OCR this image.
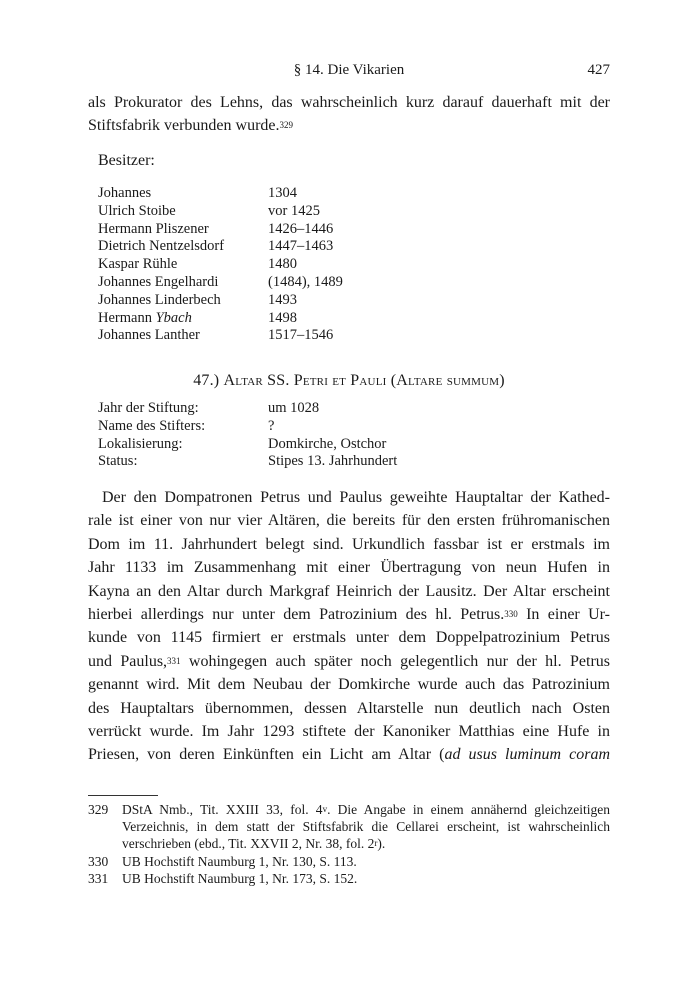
§ 14. Die Vikarien	427
als Prokurator des Lehns, das wahrscheinlich kurz darauf dauerhaft mit der
Stiftsfabrik verbunden wurde.$^{329}$
Besitzer:
Johannes	1304
Ulrich Stoibe	vor 1425
Hermann Pliszener	1426–1446
Dietrich Nentzelsdorf	1447–1463
Kaspar Rühle	1480
Johannes Engelhardi	(1484), 1489
Johannes Linderbech	1493
Hermann Ybach	1498
Johannes Lanther	1517–1546
47.) Altar SS. Petri et Pauli (Altare summum)
Jahr der Stiftung:	um 1028
Name des Stifters:	?
Lokalisierung:	Domkirche, Ostchor
Status:	Stipes 13. Jahrhundert
Der den Dompatronen Petrus und Paulus geweihte Hauptaltar der Kathed-
rale ist einer von nur vier Altären, die bereits für den ersten frühromanischen
Dom im 11. Jahrhundert belegt sind. Urkundlich fassbar ist er erstmals im
Jahr 1133 im Zusammenhang mit einer Übertragung von neun Hufen in
Kayna an den Altar durch Markgraf Heinrich der Lausitz. Der Altar erscheint
hierbei allerdings nur unter dem Patrozinium des hl. Petrus.$^{330}$ In einer Ur-
kunde von 1145 firmiert er erstmals unter dem Doppelpatrozinium Petrus
und Paulus,$^{331}$ wohingegen auch später noch gelegentlich nur der hl. Petrus
genannt wird. Mit dem Neubau der Domkirche wurde auch das Patrozinium
des Hauptaltars übernommen, dessen Altarstelle nun deutlich nach Osten
verrückt wurde. Im Jahr 1293 stiftete der Kanoniker Matthias eine Hufe in
Priesen, von deren Einkünften ein Licht am Altar (ad usus luminum coram
329	DStA Nmb., Tit. XXIII 33, fol. 4$^v$. Die Angabe in einem annähernd gleichzeitigen
Verzeichnis, in dem statt der Stiftsfabrik die Cellarei erscheint, ist wahrscheinlich
verschrieben (ebd., Tit. XXVII 2, Nr. 38, fol. 2$^r$).
330	UB Hochstift Naumburg 1, Nr. 130, S. 113.
331	UB Hochstift Naumburg 1, Nr. 173, S. 152.
